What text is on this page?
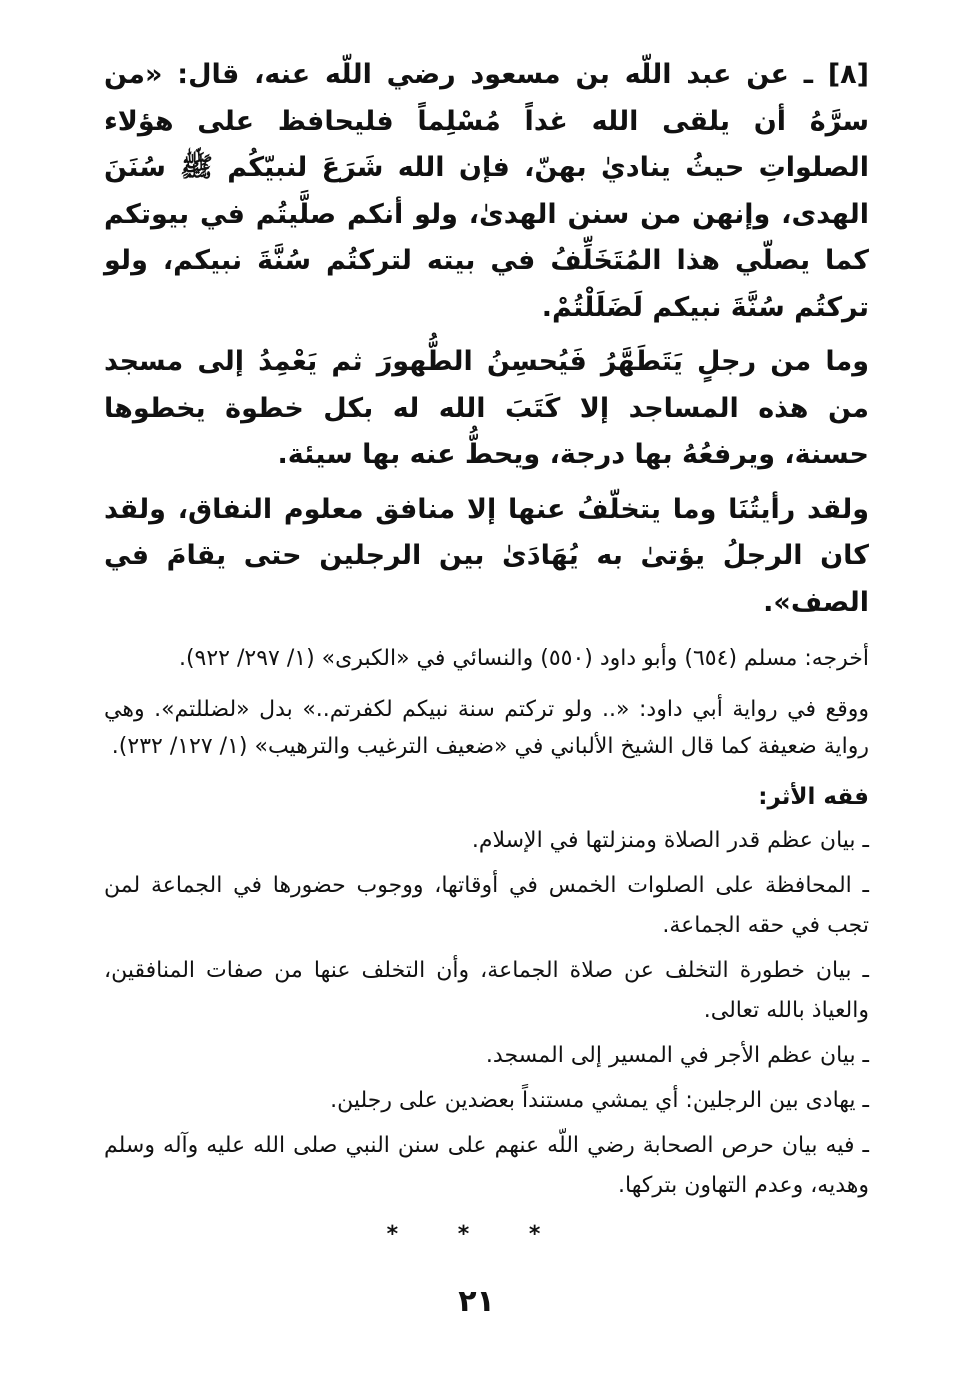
[٨] ـ عن عبد اللّه بن مسعود رضي اللّه عنه، قال: «من سرَّهُ أن يلقى الله غداً مُسْلِماً فليحافظ على هؤلاء الصلواتِ حيثُ يناديٰ بهنّ، فإن الله شَرَعَ لنبيّكُم ﷺ سُنَنَ الهدى، وإنهن من سنن الهدىٰ، ولو أنكم صلَّيتُم في بيوتكم كما يصلّي هذا المُتَخَلِّفُ في بيته لتركتُم سُنَّةَ نبيكم، ولو تركتُم سُنَّةَ نبيكم لَضَلَلْتُمْ.

وما من رجلٍ يَتَطَهَّرُ فَيُحسِنُ الطُّهورَ ثم يَعْمِدُ إلى مسجد من هذه المساجد إلا كَتَبَ الله له بكل خطوة يخطوها حسنة، ويرفعُهُ بها درجة، ويحطُّ عنه بها سيئة.

ولقد رأيتُنَا وما يتخلّفُ عنها إلا منافق معلوم النفاق، ولقد كان الرجلُ يؤتىٰ به يُهَادَىٰ بين الرجلين حتى يقامَ في الصف».

أخرجه: مسلم (٦٥٤) وأبو داود (٥٥٠) والنسائي في «الكبرى» (١/ ٢٩٧/ ٩٢٢).
ووقع في رواية أبي داود: «.. ولو تركتم سنة نبيكم لكفرتم..» بدل «لضللتم». وهي رواية ضعيفة كما قال الشيخ الألباني في «ضعيف الترغيب والترهيب» (١/ ١٢٧/ ٢٣٢).
فقه الأثر:
ـ بيان عظم قدر الصلاة ومنزلتها في الإسلام.
ـ المحافظة على الصلوات الخمس في أوقاتها، ووجوب حضورها في الجماعة لمن تجب في حقه الجماعة.
ـ بيان خطورة التخلف عن صلاة الجماعة، وأن التخلف عنها من صفات المنافقين، والعياذ بالله تعالى.
ـ بيان عظم الأجر في المسير إلى المسجد.
ـ يهادى بين الرجلين: أي يمشي مستنداً بعضدين على رجلين.
ـ فيه بيان حرص الصحابة رضي اللّه عنهم على سنن النبي صلى الله عليه وآله وسلم وهديه، وعدم التهاون بتركها.
* * *
٢١
